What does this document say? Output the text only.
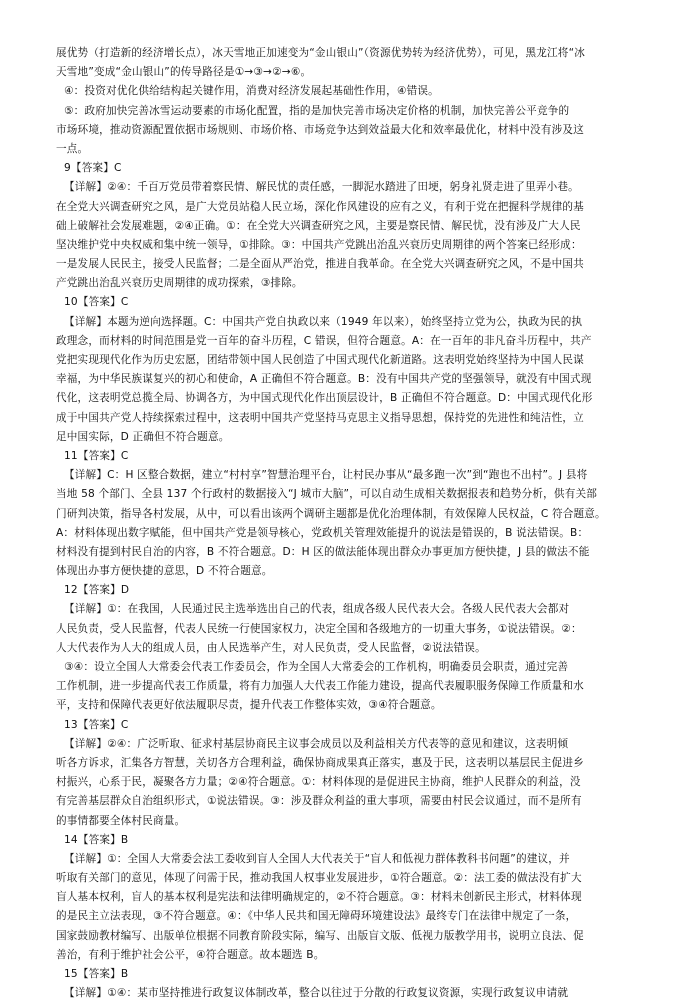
展优势（打造新的经济增长点），冰天雪地正加速变为“金山银山”（资源优势转为经济优势），可见，黑龙江将“冰
天雪地”变成“金山银山”的传导路径是①→③→②→⑥。
④：投资对优化供给结构起关键作用，消费对经济发展起基础性作用，④错误。
⑤：政府加快完善冰雪运动要素的市场化配置，指的是加快完善市场决定价格的机制，加快完善公平竞争的
市场环境，推动资源配置依据市场规则、市场价格、市场竞争达到效益最大化和效率最优化，材料中没有涉及这
一点。
9【答案】C
【详解】②④：千百万党员带着察民情、解民忧的责任感，一脚泥水踏进了田埂，躬身礼贤走进了里弄小巷。
在全党大兴调查研究之风，是广大党员站稳人民立场，深化作风建设的应有之义，有利于党在把握科学规律的基
础上破解社会发展难题，②④正确。①：在全党大兴调查研究之风，主要是察民情、解民忧，没有涉及广大人民
坚决维护党中央权威和集中统一领导，①排除。③：中国共产党跳出治乱兴衰历史周期律的两个答案已经形成：
一是发展人民民主，接受人民监督；二是全面从严治党，推进自我革命。在全党大兴调查研究之风，不是中国共
产党跳出治乱兴衰历史周期律的成功探索，③排除。
10【答案】C
【详解】本题为逆向选择题。C：中国共产党自执政以来（1949 年以来），始终坚持立党为公，执政为民的执
政理念，而材料的时间范围是党一百年的奋斗历程，C 错误，但符合题意。A：在一百年的非凡奋斗历程中，共产
党把实现现代化作为历史宏愿，团结带领中国人民创造了中国式现代化新道路。这表明党始终坚持为中国人民谋
幸福，为中华民族谋复兴的初心和使命，A 正确但不符合题意。B：没有中国共产党的坚强领导，就没有中国式现
代化，这表明党总揽全局、协调各方，为中国式现代化作出顶层设计，B 正确但不符合题意。D：中国式现代化形
成于中国共产党人持续探索过程中，这表明中国共产党坚持马克思主义指导思想，保持党的先进性和纯洁性，立
足中国实际，D 正确但不符合题意。
11【答案】C
【详解】C：H 区整合数据，建立“村村享”智慧治理平台，让村民办事从“最多跑一次”到“跑也不出村”。J 县将
当地 58 个部门、全县 137 个行政村的数据接入“J 城市大脑”，可以自动生成相关数据报表和趋势分析，供有关部
门研判决策，指导各村发展，从中，可以看出该两个调研主题都是优化治理体制，有效保障人民权益，C 符合题意。
A：材料体现出数字赋能，但中国共产党是领导核心，党政机关管理效能提升的说法是错误的，B 说法错误。B：
材料没有提到村民自治的内容，B 不符合题意。D：H 区的做法能体现出群众办事更加方便快捷，J 县的做法不能
体现出办事方便快捷的意思，D 不符合题意。
12【答案】D
【详解】①：在我国，人民通过民主选举选出自己的代表，组成各级人民代表大会。各级人民代表大会都对
人民负责，受人民监督，代表人民统一行使国家权力，决定全国和各级地方的一切重大事务，①说法错误。②：
人大代表作为人大的组成人员，由人民选举产生，对人民负责，受人民监督，②说法错误。
③④：设立全国人大常委会代表工作委员会，作为全国人大常委会的工作机构，明确委员会职责，通过完善
工作机制，进一步提高代表工作质量，将有力加强人大代表工作能力建设，提高代表履职服务保障工作质量和水
平，支持和保障代表更好依法履职尽责，提升代表工作整体实效，③④符合题意。
13【答案】C
【详解】②④：广泛听取、征求村基层协商民主议事会成员以及利益相关方代表等的意见和建议，这表明倾
听各方诉求，汇集各方智慧，关切各方合理利益，确保协商成果真正落实，惠及于民，这表明以基层民主促进乡
村振兴，心系于民，凝聚各方力量；②④符合题意。①：材料体现的是促进民主协商，维护人民群众的利益，没
有完善基层群众自治组织形式，①说法错误。③：涉及群众利益的重大事项，需要由村民会议通过，而不是所有
的事情都要全体村民商量。
14【答案】B
【详解】①：全国人大常委会法工委收到盲人全国人大代表关于“盲人和低视力群体教科书问题”的建议，并
听取有关部门的意见，体现了问需于民，推动我国人权事业发展进步，①符合题意。②：法工委的做法没有扩大
盲人基本权利，盲人的基本权利是宪法和法律明确规定的，②不符合题意。③：材料未创新民主形式，材料体现
的是民主立法表现，③不符合题意。④：《中华人民共和国无障碍环境建设法》最终专门在法律中规定了一条，
国家鼓励教材编写、出版单位根据不同教育阶段实际，编写、出版盲文版、低视力版教学用书，说明立良法、促
善治，有利于维护社会公平，④符合题意。故本题选 B。
15【答案】B
【详解】①④：某市坚持推进行政复议体制改革，整合以往过于分散的行政复议资源，实现行政复议申请就
